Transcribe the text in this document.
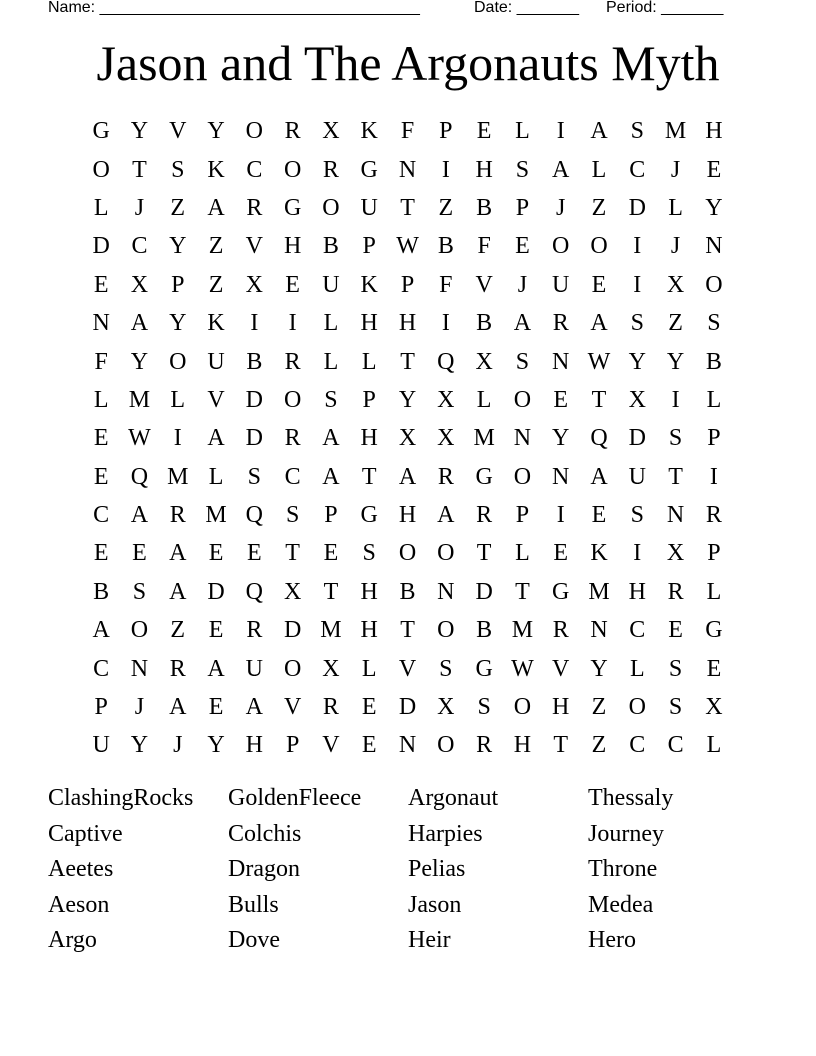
Name: ____________________________________	Date: _______ Period: _______
Jason and The Argonauts Myth
G Y V Y O R X K F	P	E L	I	A S M H
O T	S K C O R G N	I	H S A L C	J	E
L	J	Z A R G O U T Z B P	J	Z D L Y
D C Y Z V H B P W B F	E O O	I	J	N
E X P	Z X E U K P	F V	J	U E	I	X O
N A Y K	I	I	L H H	I	B A R A S	Z	S
F Y O U B R L L T Q X S N W Y Y B
L M L V D O S	P Y X L O E T X	I	L
E W I	A D R A H X X M N Y Q D S	P
E Q M L	S C A T A R G O N A U T	I
C A R M Q S	P G H A R P	I	E	S N R
E E A E E T E	S O O T L E K	I	X P
B S A D Q X T H B N D T G M H R L
A O Z E R D M H T O B M R N C E G
C N R A U O X L V S G W V Y L	S	E
P	J	A E A V R E D X S O H Z O S X
U Y	J	Y H P V E N O R H T Z C C L
ClashingRocks	GoldenFleece	Argonaut	Thessaly
Captive	Colchis	Harpies	Journey
Aeetes	Dragon	Pelias	Throne
Aeson	Bulls	Jason	Medea
Argo	Dove	Heir	Hero
